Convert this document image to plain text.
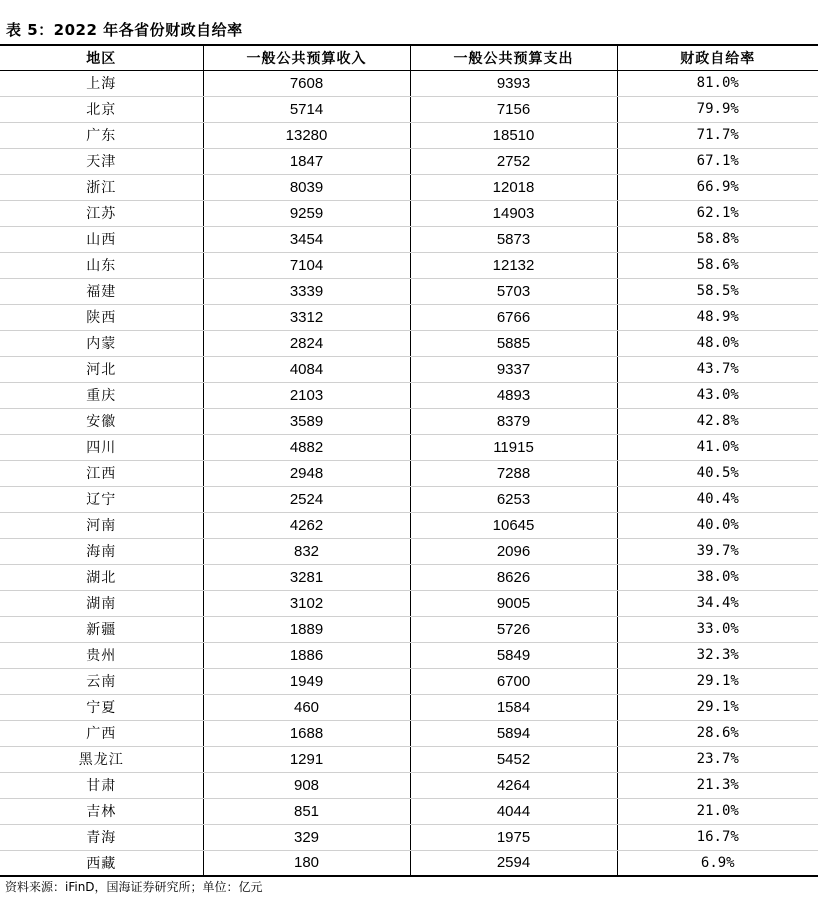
表 5：2022 年各省份财政自给率
地区	一般公共预算收入	一般公共预算支出	财政自给率
上海	7608	9393	81.0%
北京	5714	7156	79.9%
广东	13280	18510	71.7%
天津	1847	2752	67.1%
浙江	8039	12018	66.9%
江苏	9259	14903	62.1%
山西	3454	5873	58.8%
山东	7104	12132	58.6%
福建	3339	5703	58.5%
陕西	3312	6766	48.9%
内蒙	2824	5885	48.0%
河北	4084	9337	43.7%
重庆	2103	4893	43.0%
安徽	3589	8379	42.8%
四川	4882	11915	41.0%
江西	2948	7288	40.5%
辽宁	2524	6253	40.4%
河南	4262	10645	40.0%
海南	832	2096	39.7%
湖北	3281	8626	38.0%
湖南	3102	9005	34.4%
新疆	1889	5726	33.0%
贵州	1886	5849	32.3%
云南	1949	6700	29.1%
宁夏	460	1584	29.1%
广西	1688	5894	28.6%
黑龙江	1291	5452	23.7%
甘肃	908	4264	21.3%
吉林	851	4044	21.0%
青海	329	1975	16.7%
西藏	180	2594	6.9%
资料来源：iFinD，国海证券研究所；单位：亿元
